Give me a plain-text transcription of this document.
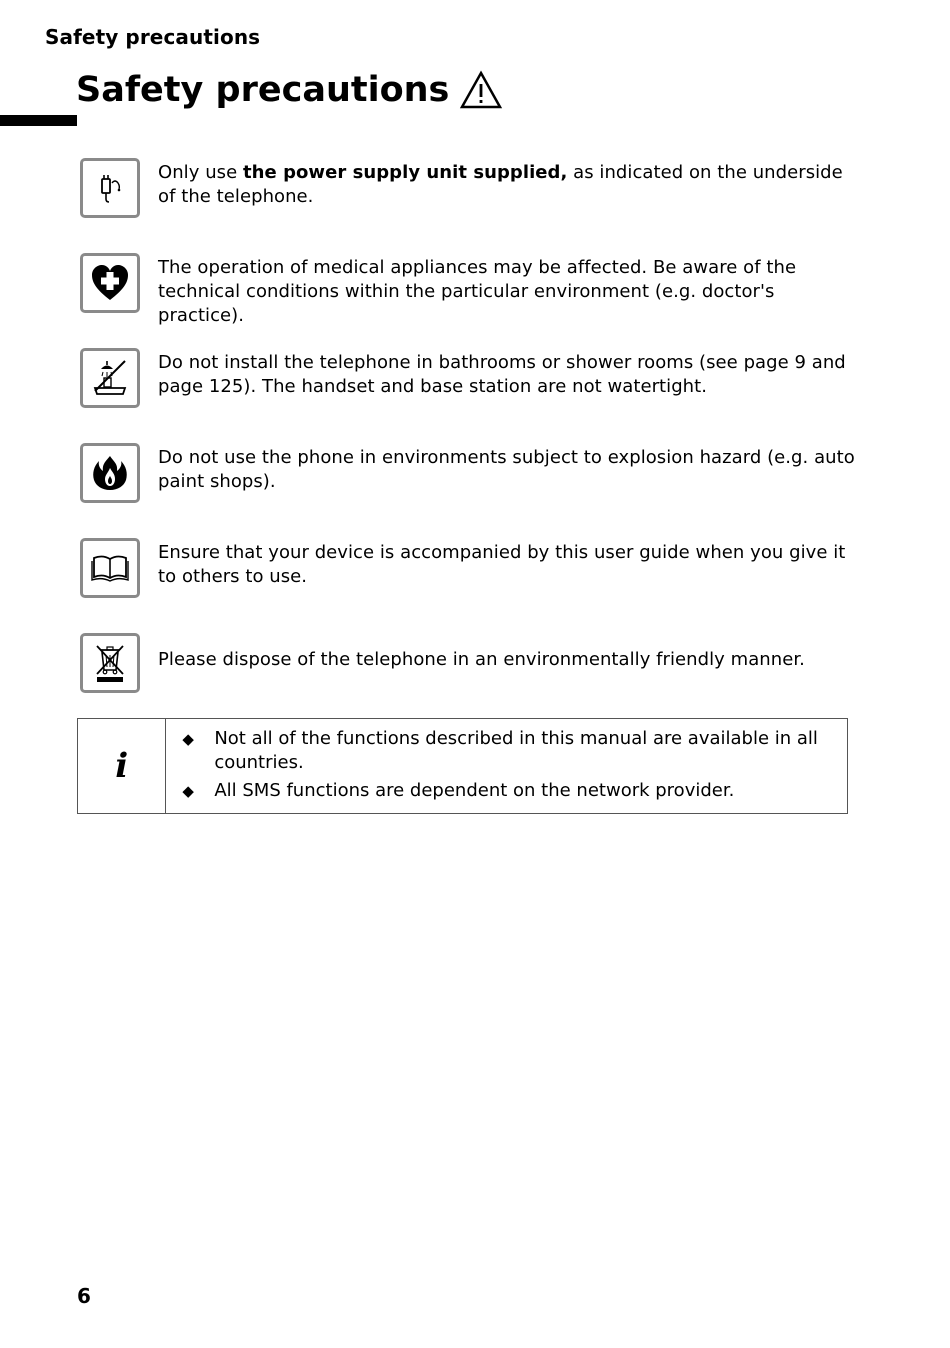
Safety precautions
Safety precautions
Only use the power supply unit supplied, as indicated on the underside of the telephone.
The operation of medical appliances may be affected. Be aware of the technical conditions within the particular environment (e.g. doctor's practice).
Do not install the telephone in bathrooms or shower rooms (see page 9 and page 125). The handset and base station are not watertight.
Do not use the phone in environments subject to explosion hazard (e.g. auto paint shops).
Ensure that your device is accompanied by this user guide when you give it to others to use.
Please dispose of the telephone in an environmentally friendly manner.
i
◆	Not all of the functions described in this manual are available in all countries.
◆	All SMS functions are dependent on the network provider.
6
